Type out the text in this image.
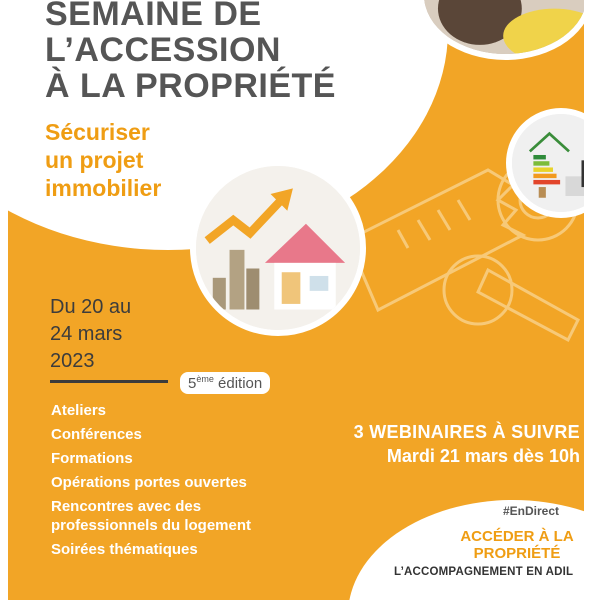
SEMAINE DE
L’ACCESSION
À LA PROPRIÉTÉ
Sécuriser
un projet
immobilier
Du 20 au
24 mars
2023
5ème édition
Ateliers
Conférences
Formations
Opérations portes ouvertes
Rencontres avec des professionnels du logement
Soirées thématiques
3 WEBINAIRES À SUIVRE
Mardi 21 mars dès 10h
#EnDirect
ACCÉDER À LA
PROPRIÉTÉ
L’ACCOMPAGNEMENT EN ADIL
